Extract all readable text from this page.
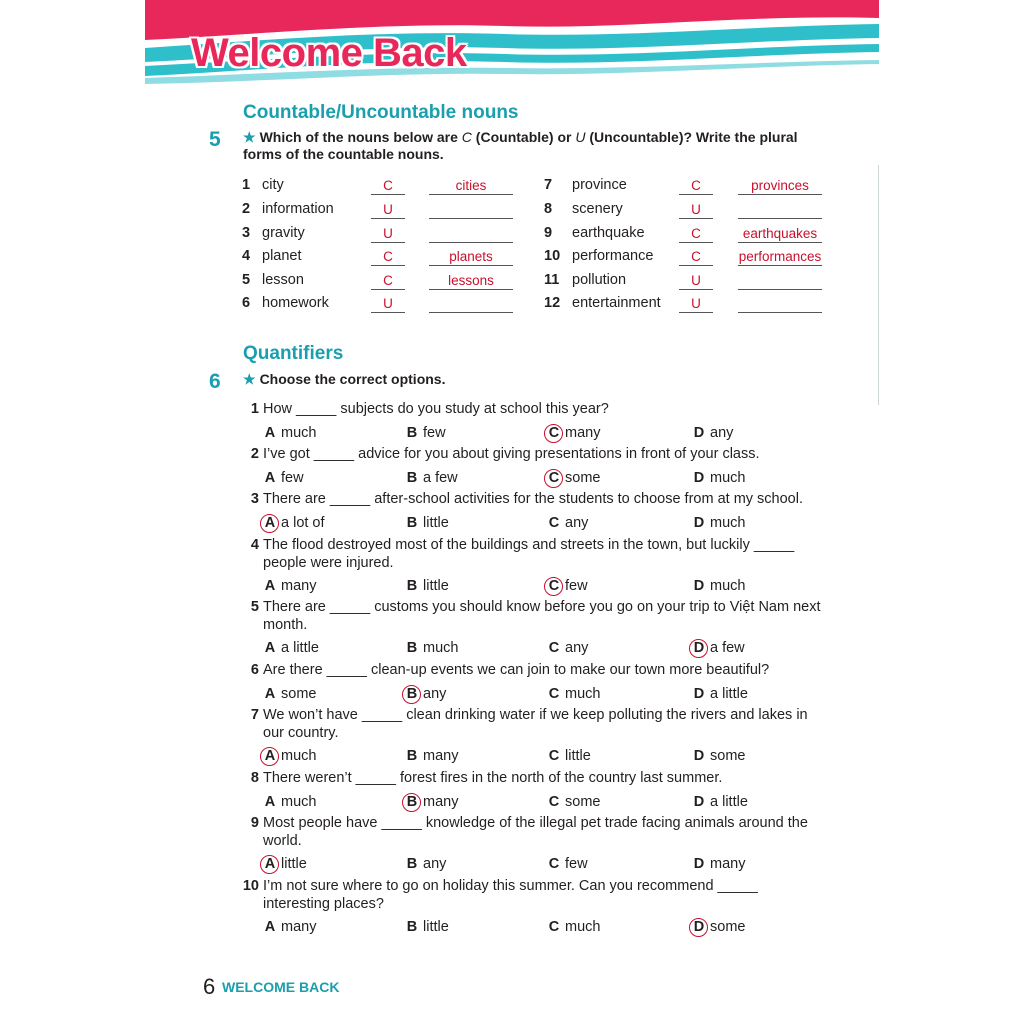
Welcome Back
Countable/Uncountable nouns
5 ★ Which of the nouns below are C (Countable) or U (Uncountable)? Write the plural forms of the countable nouns.
1 city	C	cities
2 information	U
3 gravity	U
4 planet	C	planets
5 lesson	C	lessons
6 homework	U
7	province	C	provinces
8	scenery	U
9	earthquake	C	earthquakes
10 performance	C	performances
11 pollution	U
12 entertainment	U
Quantifiers
6 ★ Choose the correct options.
1 How _____ subjects do you study at school this year?
A much	B few	C many	D any
2 I’ve got _____ advice for you about giving presentations in front of your class.
A few	B a few	C some	D much
3 There are _____ after-school activities for the students to choose from at my school.
A a lot of	B little	C any	D much
4 The flood destroyed most of the buildings and streets in the town, but luckily _____ people were injured.
A many	B little	C few	D much
5 There are _____ customs you should know before you go on your trip to Việt Nam next month.
A a little	B much	C any	D a few
6 Are there _____ clean-up events we can join to make our town more beautiful?
A some	B any	C much	D a little
7 We won’t have _____ clean drinking water if we keep polluting the rivers and lakes in our country.
A much	B many	C little	D some
8 There weren’t _____ forest fires in the north of the country last summer.
A much	B many	C some	D a little
9 Most people have _____ knowledge of the illegal pet trade facing animals around the world.
A little	B any	C few	D many
10 I’m not sure where to go on holiday this summer. Can you recommend _____ interesting places?
A many	B little	C much	D some
6 WELCOME BACK
